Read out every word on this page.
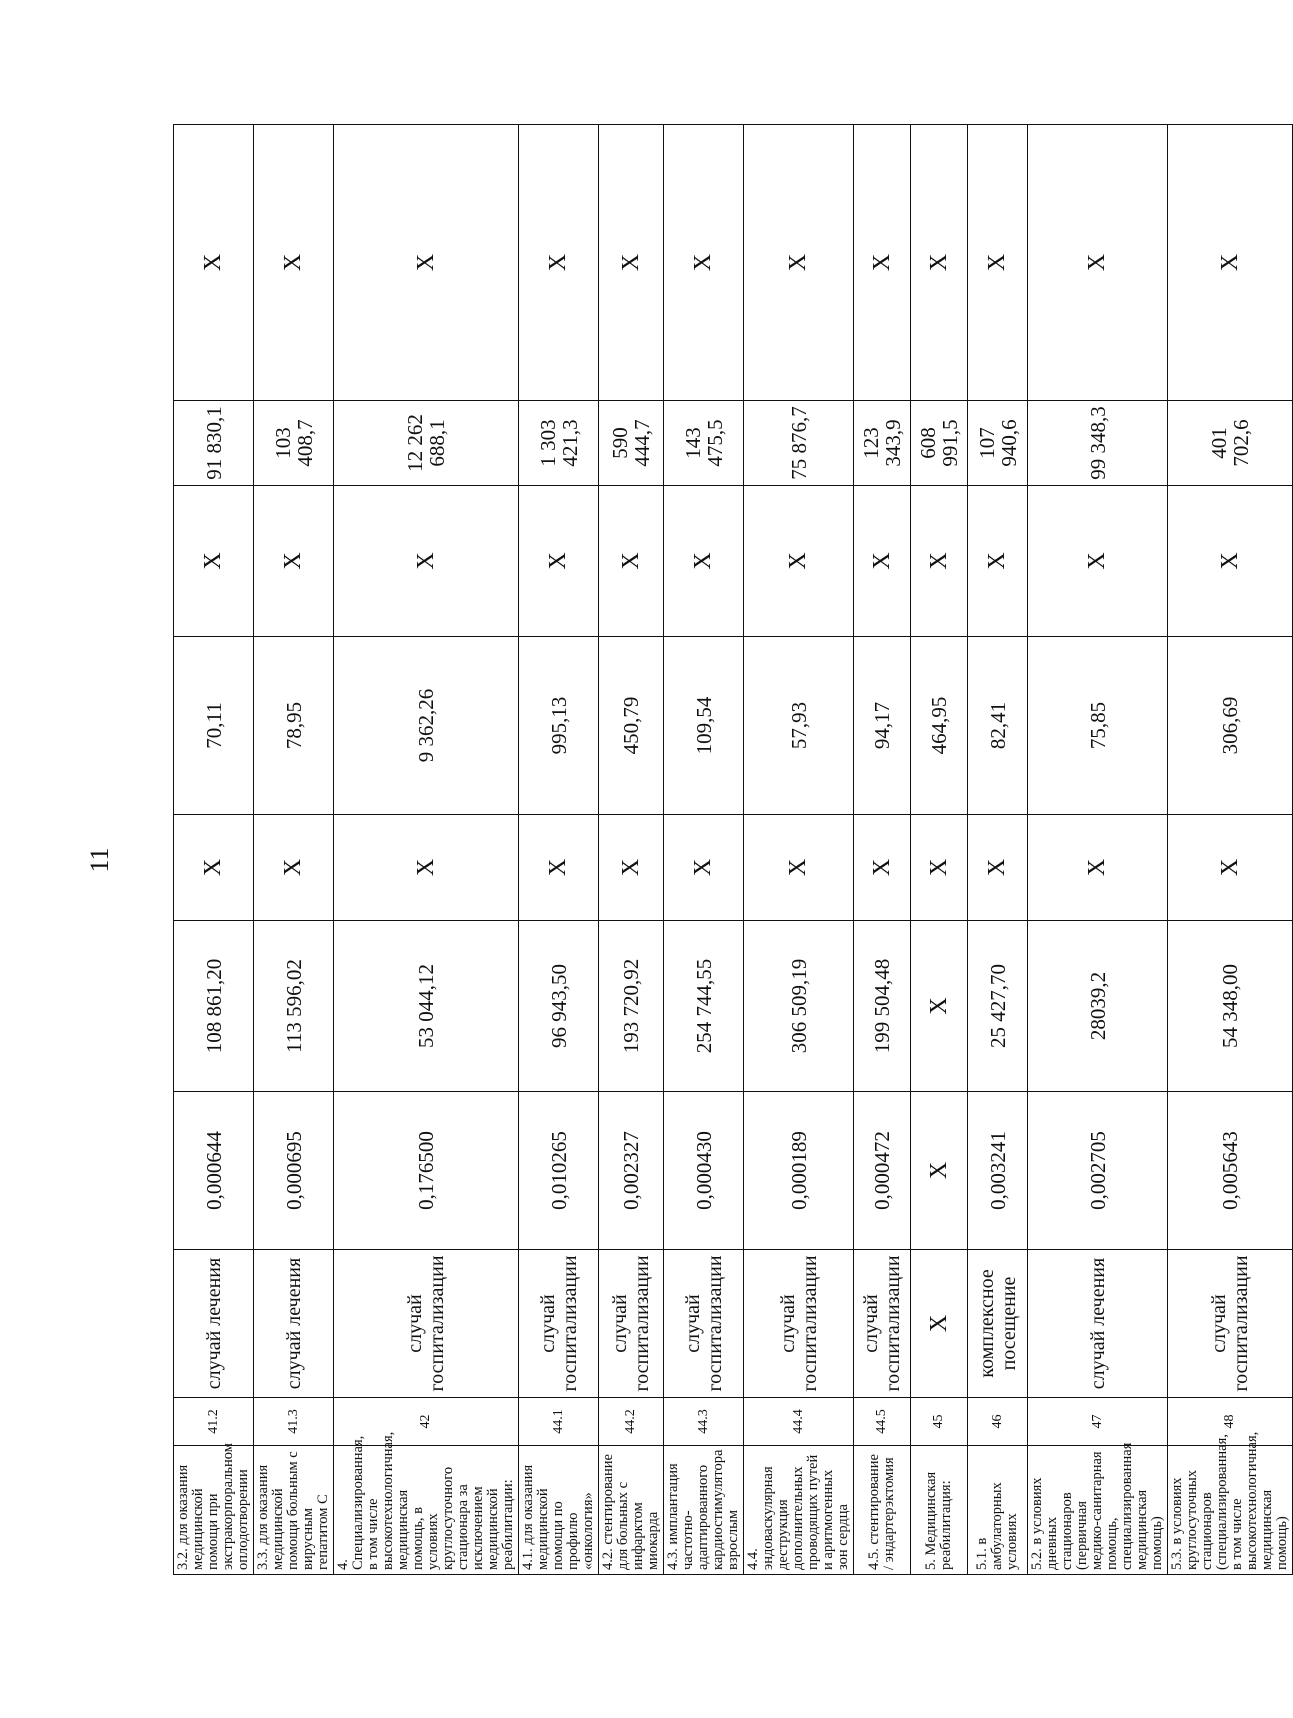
11
3.2. для оказания медицинской помощи при экстракорпоральном оплодотворении	41.2	случай лечения	0,000644	108 861,20	X	70,11	X	91 830,1	X
3.3. для оказания медицинской помощи больным с вирусным гепатитом С	41.3	случай лечения	0,000695	113 596,02	X	78,95	X	103 408,7	X
4. Специализированная, в том числе высокотехнологичная, медицинская помощь, в условиях круглосуточного стационара за исключением медицинской реабилитации:	42	случай госпитализации	0,176500	53 044,12	X	9 362,26	X	12 262 688,1	X
4.1. для оказания медицинской помощи по профилю «онкология»	44.1	случай госпитализации	0,010265	96 943,50	X	995,13	X	1 303 421,3	X
4.2. стентирование для больных с инфарктом миокарда	44.2	случай госпитализации	0,002327	193 720,92	X	450,79	X	590 444,7	X
4.3. имплантация частотно-адаптированного кардиостимулятора взрослым	44.3	случай госпитализации	0,000430	254 744,55	X	109,54	X	143 475,5	X
4.4. эндоваскулярная деструкция дополнительных проводящих путей и аритмогенных зон сердца	44.4	случай госпитализации	0,000189	306 509,19	X	57,93	X	75 876,7	X
4.5. стентирование / эндартерэктомия	44.5	случай госпитализации	0,000472	199 504,48	X	94,17	X	123 343,9	X
5. Медицинская реабилитация:	45	X	X	X	X	464,95	X	608 991,5	X
5.1. в амбулаторных условиях	46	комплексное посещение	0,003241	25 427,70	X	82,41	X	107 940,6	X
5.2. в условиях дневных стационаров (первичная медико-санитарная помощь, специализированная медицинская помощь)	47	случай лечения	0,002705	28039,2	X	75,85	X	99 348,3	X
5.3. в условиях круглосуточных стационаров (специализированная, в том числе высокотехнологичная, медицинская помощь)	48	случай госпитализации	0,005643	54 348,00	X	306,69	X	401 702,6	X
